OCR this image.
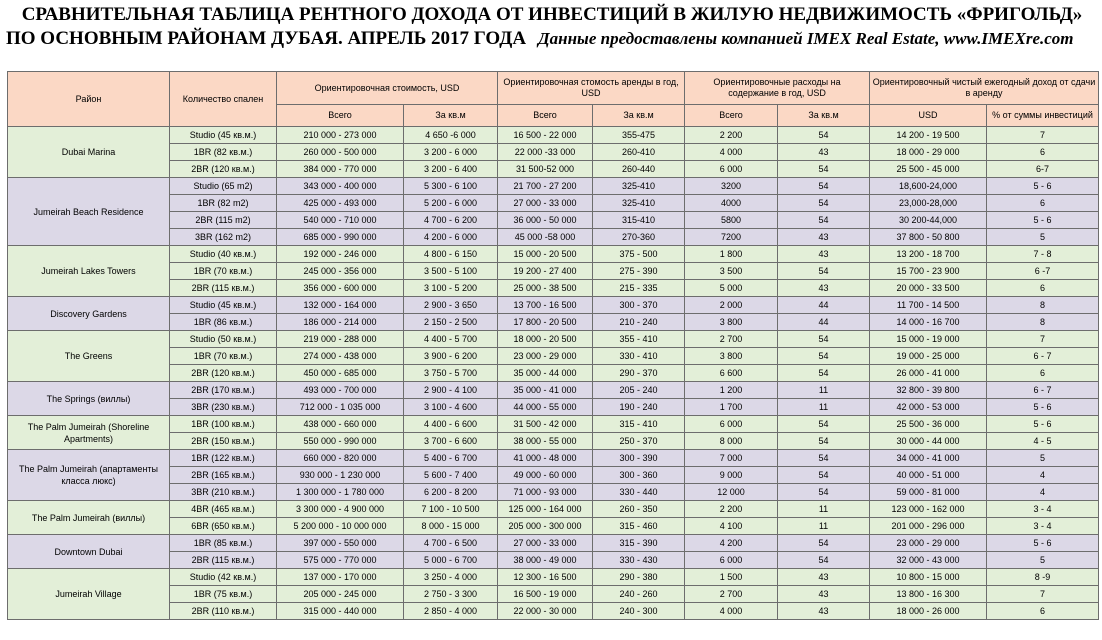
СРАВНИТЕЛЬНАЯ ТАБЛИЦА РЕНТНОГО ДОХОДА ОТ ИНВЕСТИЦИЙ В ЖИЛУЮ НЕДВИЖИМОСТЬ «ФРИГОЛЬД»
ПО ОСНОВНЫМ РАЙОНАМ ДУБАЯ. АПРЕЛЬ 2017 ГОДА Данные предоставлены компанией IMEX Real Estate, www.IMEXre.com
Район	Количество спален	Ориентировочная стоимость, USD		Ориентировочная стомость аренды в год, USD		Ориентировочные расходы на содержание в год, USD		Ориентировочный чистый ежегодный доход от сдачи в аренду	
		Всего	За кв.м	Всего	За кв.м	Всего	За кв.м	USD	% от суммы инвестиций
Dubai Marina	Studio (45 кв.м.)	210 000 - 273 000	4 650 -6 000	16 500 - 22 000	355-475	2 200	54	14 200 - 19 500	7
	1BR (82 кв.м.)	260 000 - 500 000	3 200 - 6 000	22 000 -33 000	260-410	4 000	43	18 000 - 29 000	6
	2BR (120 кв.м.)	384 000 - 770 000	3 200 - 6 400	31 500-52 000	260-440	6 000	54	25 500 - 45 000	6-7
Jumeirah Beach Residence	Studio (65 m2)	343 000 - 400 000	5 300 - 6 100	21 700 - 27 200	325-410	3200	54	18,600-24,000	5 - 6
	1BR (82 m2)	425 000 - 493 000	5 200 - 6 000	27 000 - 33 000	325-410	4000	54	23,000-28,000	6
	2BR (115 m2)	540 000 - 710 000	4 700 - 6 200	36 000 - 50 000	315-410	5800	54	30 200-44,000	5 - 6
	3BR (162 m2)	685 000 - 990 000	4 200 - 6 000	45 000 -58 000	270-360	7200	43	37 800 - 50 800	5
Jumeirah Lakes Towers	Studio (40 кв.м.)	192 000 - 246 000	4 800 - 6 150	15 000 - 20 500	375 - 500	1 800	43	13 200 - 18 700	7 - 8
	1BR (70 кв.м.)	245 000 - 356 000	3 500 - 5 100	19 200 - 27 400	275 - 390	3 500	54	15 700 - 23 900	6 -7
	2BR (115 кв.м.)	356 000 - 600 000	3 100 - 5 200	25 000 - 38 500	215 - 335	5 000	43	20 000 - 33 500	6
Discovery Gardens	Studio (45 кв.м.)	132 000 - 164 000	2 900 - 3 650	13 700 - 16 500	300 - 370	2 000	44	11 700 - 14 500	8
	1BR (86 кв.м.)	186 000 - 214 000	2 150 - 2 500	17 800 - 20 500	210 - 240	3 800	44	14 000 - 16 700	8
The Greens	Studio (50 кв.м.)	219 000 - 288 000	4 400 - 5 700	18 000 - 20 500	355 - 410	2 700	54	15 000 - 19 000	7
	1BR (70 кв.м.)	274 000 - 438 000	3 900 - 6 200	23 000 - 29 000	330 - 410	3 800	54	19 000 - 25 000	6 - 7
	2BR (120 кв.м.)	450 000 - 685 000	3 750 - 5 700	35 000 - 44 000	290 - 370	6 600	54	26 000 - 41 000	6
The Springs (виллы)	2BR (170 кв.м.)	493 000 - 700 000	2 900 - 4 100	35 000 - 41 000	205 - 240	1 200	11	32 800 - 39 800	6 - 7
	3BR (230 кв.м.)	712 000 - 1 035 000	3 100 - 4 600	44 000 - 55 000	190 - 240	1 700	11	42 000 - 53 000	5 - 6
The Palm Jumeirah (Shoreline Apartments)	1BR (100 кв.м.)	438 000 - 660 000	4 400 - 6 600	31 500 - 42 000	315 - 410	6 000	54	25 500 - 36 000	5 - 6
	2BR (150 кв.м.)	550 000 - 990 000	3 700 - 6 600	38 000 - 55 000	250 - 370	8 000	54	30 000 - 44 000	4 - 5
The Palm Jumeirah (апартаменты класса люкс)	1BR (122 кв.м.)	660 000 - 820 000	5 400 - 6 700	41 000 - 48 000	300 - 390	7 000	54	34 000 - 41 000	5
	2BR (165 кв.м.)	930 000 - 1 230 000	5 600 - 7 400	49 000 - 60 000	300 - 360	9 000	54	40 000 - 51 000	4
	3BR (210 кв.м.)	1 300 000 - 1 780 000	6 200 - 8 200	71 000 - 93 000	330 - 440	12 000	54	59 000 - 81 000	4
The Palm Jumeirah (виллы)	4BR (465 кв.м.)	3 300 000 - 4 900 000	7 100 - 10 500	125 000 - 164 000	260 - 350	2 200	11	123 000 - 162 000	3 - 4
	6BR (650 кв.м.)	5 200 000 - 10 000 000	8 000 - 15 000	205 000 - 300 000	315 - 460	4 100	11	201 000 - 296 000	3 - 4
Downtown Dubai	1BR (85 кв.м.)	397 000 - 550 000	4 700 - 6 500	27 000 - 33 000	315 - 390	4 200	54	23 000 - 29 000	5 - 6
	2BR (115 кв.м.)	575 000 - 770 000	5 000 - 6 700	38 000 - 49 000	330 - 430	6 000	54	32 000 - 43 000	5
Jumeirah Village	Studio (42 кв.м.)	137 000 - 170 000	3 250 - 4 000	12 300 - 16 500	290 - 380	1 500	43	10 800 - 15 000	8 -9
	1BR (75 кв.м.)	205 000 - 245 000	2 750 - 3 300	16 500 - 19 000	240 - 260	2 700	43	13 800 - 16 300	7
	2BR (110 кв.м.)	315 000 - 440 000	2 850 - 4 000	22 000 - 30 000	240 - 300	4 000	43	18 000 - 26 000	6
